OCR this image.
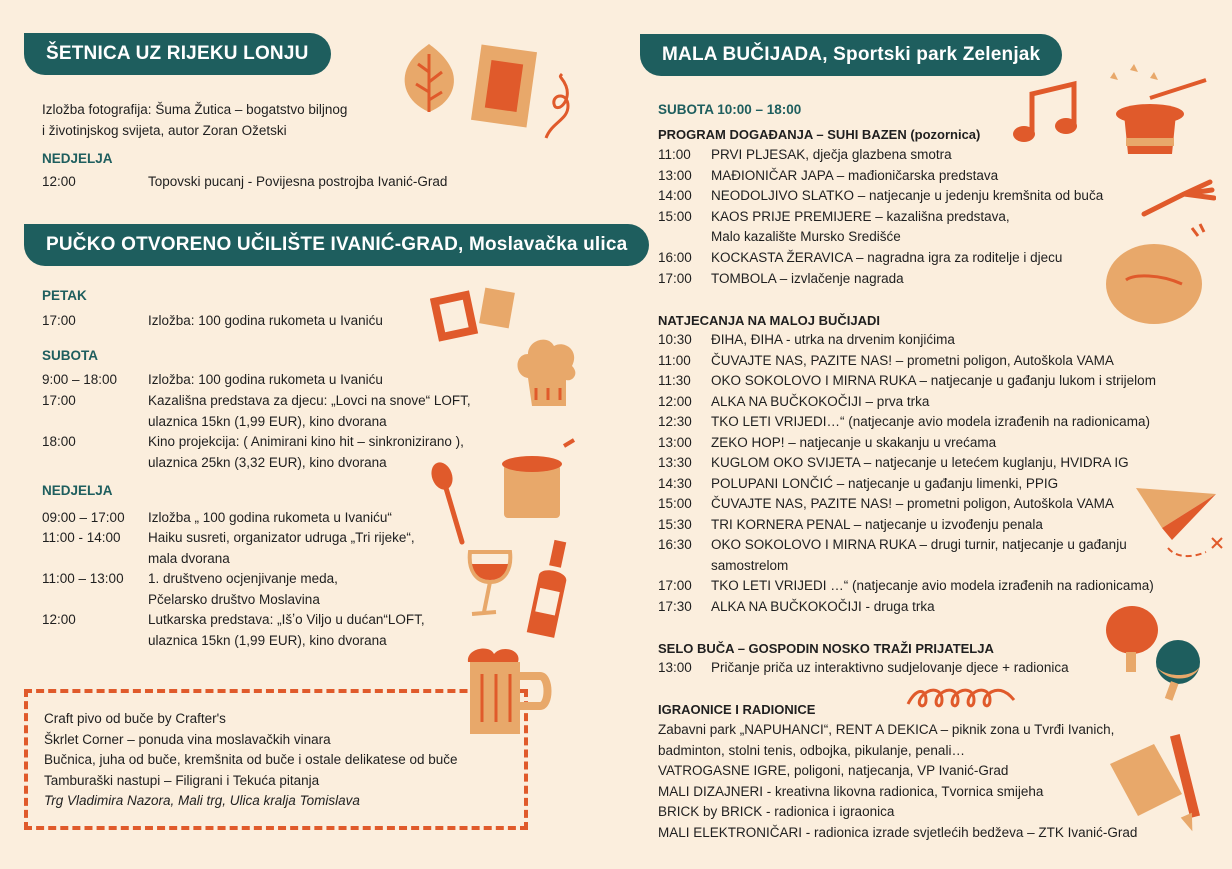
ŠETNICA UZ RIJEKU LONJU
Izložba fotografija: Šuma Žutica – bogatstvo biljnog
i životinjskog svijeta, autor Zoran Ožetski
NEDJELJA
12:00	Topovski pucanj - Povijesna postrojba Ivanić-Grad
PUČKO OTVORENO UČILIŠTE IVANIĆ-GRAD, Moslavačka ulica
PETAK
17:00	Izložba: 100 godina rukometa u Ivaniću
SUBOTA
9:00 – 18:00 Izložba: 100 godina rukometa u Ivaniću
17:00	Kazališna predstava za djecu: „Lovci na snove“ LOFT,
ulaznica 15kn (1,99 EUR), kino dvorana
18:00	Kino projekcija: ( Animirani kino hit – sinkronizirano ),
ulaznica 25kn (3,32 EUR), kino dvorana
NEDJELJA
09:00 – 17:00 Izložba „ 100 godina rukometa u Ivaniću“
11:00 - 14:00 Haiku susreti, organizator udruga „Tri rijeke“,
mala dvorana
11:00 – 13:00 1. društveno ocjenjivanje meda,
Pčelarsko društvo Moslavina
12:00	Lutkarska predstava: „Išʼo Viljo u dućan“LOFT,
ulaznica 15kn (1,99 EUR), kino dvorana
Craft pivo od buče by Crafter's
Škrlet Corner – ponuda vina moslavačkih vinara
Bučnica, juha od buče, kremšnita od buče i ostale delikatese od buče
Tamburaški nastupi – Filigrani i Tekuća pitanja
Trg Vladimira Nazora, Mali trg, Ulica kralja Tomislava
MALA BUČIJADA, Sportski park Zelenjak
SUBOTA 10:00 – 18:00
PROGRAM DOGAĐANJA – SUHI BAZEN (pozornica)
11:00 PRVI PLJESAK, dječja glazbena smotra
13:00 MAĐIONIČAR JAPA – mađioničarska predstava
14:00 NEODOLJIVO SLATKO – natjecanje u jedenju kremšnita od buča
15:00 KAOS PRIJE PREMIJERE – kazališna predstava,
Malo kazalište Mursko Središće
16:00 KOCKASTA ŽERAVICA – nagradna igra za roditelje i djecu
17:00 TOMBOLA – izvlačenje nagrada
NATJECANJA NA MALOJ BUČIJADI
10:30 ĐIHA, ĐIHA - utrka na drvenim konjićima
11:00 ČUVAJTE NAS, PAZITE NAS! – prometni poligon, Autoškola VAMA
11:30 OKO SOKOLOVO I MIRNA RUKA – natjecanje u gađanju lukom i strijelom
12:00 ALKA NA BUČKOKOČIJI – prva trka
12:30 TKO LETI VRIJEDI…“ (natjecanje avio modela izrađenih na radionicama)
13:00 ZEKO HOP! – natjecanje u skakanju u vrećama
13:30 KUGLOM OKO SVIJETA – natjecanje u letećem kuglanju, HVIDRA IG
14:30 POLUPANI LONČIĆ – natjecanje u gađanju limenki, PPIG
15:00 ČUVAJTE NAS, PAZITE NAS! – prometni poligon, Autoškola VAMA
15:30 TRI KORNERA PENAL – natjecanje u izvođenju penala
16:30 OKO SOKOLOVO I MIRNA RUKA – drugi turnir, natjecanje u gađanju
samostrelom
17:00 TKO LETI VRIJEDI …“ (natjecanje avio modela izrađenih na radionicama)
17:30 ALKA NA BUČKOKOČIJI - druga trka
SELO BUČA – GOSPODIN NOSKO TRAŽI PRIJATELJA
13:00 Pričanje priča uz interaktivno sudjelovanje djece + radionica
IGRAONICE I RADIONICE
Zabavni park „NAPUHANCI“, RENT A DEKICA – piknik zona u Tvrđi Ivanich,
badminton, stolni tenis, odbojka, pikulanje, penali…
VATROGASNE IGRE, poligoni, natjecanja, VP Ivanić-Grad
MALI DIZAJNERI - kreativna likovna radionica, Tvornica smijeha
BRICK by BRICK - radionica i igraonica
MALI ELEKTRONIČARI - radionica izrade svjetlećih bedževa – ZTK Ivanić-Grad
